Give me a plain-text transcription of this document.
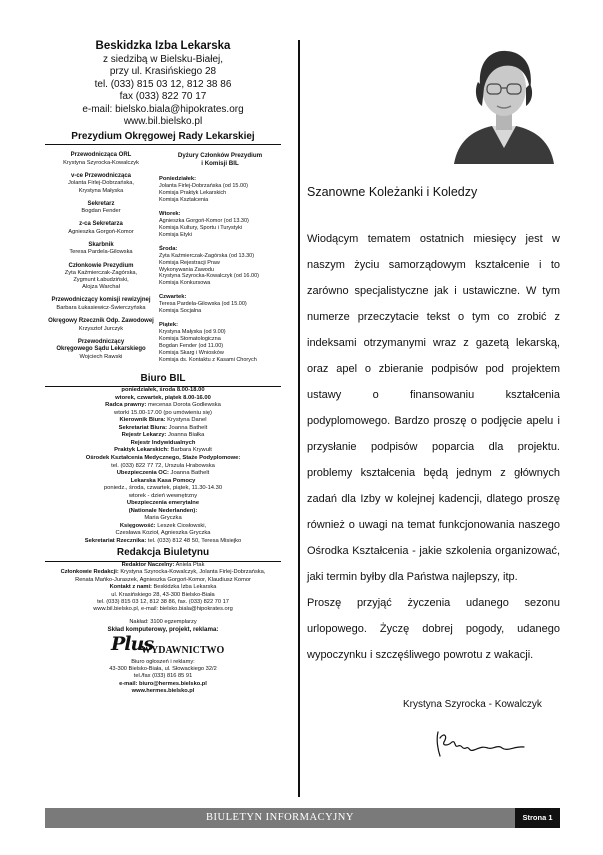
Beskidzka Izba Lekarska
z siedzibą w Bielsku-Białej,
przy ul. Krasińskiego 28
tel. (033) 815 03 12, 812 38 86
fax (033) 822 70 17
e-mail: bielsko.biala@hipokrates.org
www.bil.bielsko.pl
Prezydium Okręgowej Rady Lekarskiej
Przewodnicząca ORL
Krystyna Szyrocka-Kowalczyk
v-ce Przewodnicząca
Jolanta Firlej-Dobrzańska,
Krystyna Małyska
Sekretarz
Bogdan Fender
z-ca Sekretarza
Agnieszka Gorgoń-Komor
Skarbnik
Teresa Pardela-Gilowska
Członkowie Prezydium
Zyta Kaźmierczak-Zagórska,
Zygmunt Łabudziński,
Alojza Warchał
Przewodniczący komisji rewizyjnej
Barbara Łukasiewicz-Świerczyńska
Okręgowy Rzecznik Odp. Zawodowej
Krzysztof Jurczyk
Przewodniczący
Okręgowego Sądu Lekarskiego
Wojciech Rawski
Dyżury Członków Prezydium
i Komisji BIL
Poniedziałek:
Jolanta Firlej-Dobrzańska (od 15.00)
Komisja Praktyk Lekarskich
Komisja Kształcenia
Wtorek:
Agnieszka Gorgoń-Komor (od 13.30)
Komisja Kultury, Sportu i Turystyki
Komisja Etyki
Środa:
Zyta Kaźmierczak-Zagórska (od 13.30)
Komisja Rejestracji Praw
Wykonywania Zawodu
Krystyna Szyrocka-Kowalczyk (od 16.00)
Komisja Konkursowa
Czwartek:
Teresa Pardela-Gilowska (od 15.00)
Komisja Socjalna
Piątek:
Krystyna Małyska (od 9.00)
Komisja Stomatologiczna
Bogdan Fender (od 11.00)
Komisja Skarg i Wniosków
Komisja ds. Kontaktu z Kasami Chorych
Biuro BIL
poniedziałek, środa 8.00-18.00
wtorek, czwartek, piątek 8.00-16.00
Radca prawny: mecenas Dorota Godlewska
wtorki 15.00-17.00 (po umówieniu się)
Kierownik Biura: Krystyna Danel
Sekretariat Biura: Joanna Bathelt
Rejestr Lekarzy: Joanna Białka
Rejestr Indywidualnych
Praktyk Lekarskich: Barbara Krywult
Ośrodek Kształcenia Medycznego, Staże Podyplomowe:
tel. (033) 822 77 72, Urszula Hrabowska
Ubezpieczenia OC: Joanna Bathelt
Lekarska Kasa Pomocy
poniedz., środa, czwartek, piątek, 11.30-14.30
wtorek - dzień wewnętrzny
Ubezpieczenia emerytalne
(Nationale Nederlanden):
Maria Gryczka
Księgowość: Leszek Ciosłowski,
Czesława Kozioł, Agnieszka Gryczka
Sekretariat Rzecznika: tel. (033) 812 48 50, Teresa Misiejko
Redakcja Biuletynu
Redaktor Naczelny: Aniela Ptak
Członkowie Redakcji: Krystyna Szyrocka-Kowalczyk, Jolanta Firlej-Dobrzańska,
Renata Mańko-Juraszek, Agnieszka Gorgoń-Komor, Klaudiusz Komor
Kontakt z nami: Beskidzka Izba Lekarska
ul. Krasińskiego 28, 43-300 Bielsko-Biała
tel. (033) 815 03 12, 812 38 86, fax. (033) 822 70 17
www.bil.bielsko.pl, e-mail: bielsko.biala@hipokrates.org
Nakład: 3100 egzemplarzy
Skład komputerowy, projekt, reklama:
Plus
WYDAWNICTWO
Biuro ogłoszeń i reklamy:
43-300 Bielsko-Biała, ul. Słowackiego 32/2
tel./fax (033) 816 85 91
e-mail: biuro@hermes.bielsko.pl
www.hermes.bielsko.pl
Szanowne Koleżanki i Koledzy

Wiodącym tematem ostatnich miesięcy jest w naszym życiu samorządowym kształcenie i to zarówno specjalistyczne jak i ustawiczne. W tym numerze przeczytacie tekst o tym co zrobić z indeksami otrzymanymi wraz z gazetą lekarską, oraz apel o zbieranie podpisów pod projektem ustawy o finansowaniu kształcenia podyplomowego. Bardzo proszę o podjęcie apelu i przysłanie podpisów poparcia dla projektu. problemy kształcenia będą jednym z głównych zadań dla Izby w kolejnej kadencji, dlatego proszę również o uwagi na temat funkcjonowania naszego Ośrodka Kształcenia - jakie szkolenia organizować, jaki termin byłby dla Państwa najlepszy, itp.

Proszę przyjąć życzenia udanego sezonu urlopowego. Życzę dobrej pogody, udanego wypoczynku i szczęśliwego powrotu z wakacji.

Krystyna Szyrocka - Kowalczyk
BIULETYN INFORMACYJNY	Strona 1
